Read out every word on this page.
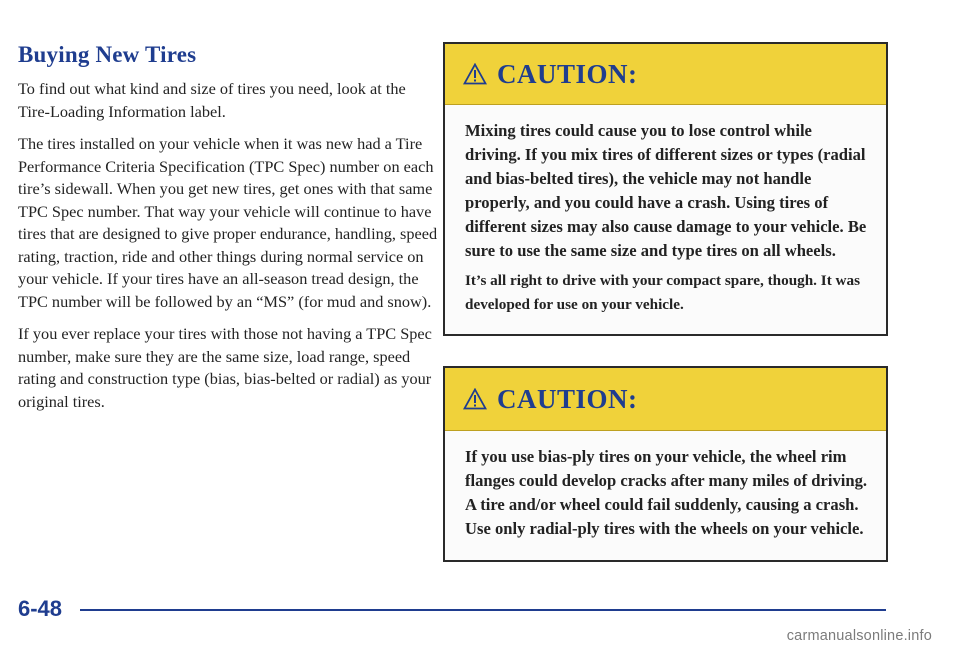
Buying New Tires

To find out what kind and size of tires you need, look at the Tire-Loading Information label.

The tires installed on your vehicle when it was new had a Tire Performance Criteria Specification (TPC Spec) number on each tire’s sidewall. When you get new tires, get ones with that same TPC Spec number. That way your vehicle will continue to have tires that are designed to give proper endurance, handling, speed rating, traction, ride and other things during normal service on your vehicle. If your tires have an all-season tread design, the TPC number will be followed by an “MS” (for mud and snow).

If you ever replace your tires with those not having a TPC Spec number, make sure they are the same size, load range, speed rating and construction type (bias, bias-belted or radial) as your original tires.

CAUTION:

Mixing tires could cause you to lose control while driving. If you mix tires of different sizes or types (radial and bias-belted tires), the vehicle may not handle properly, and you could have a crash. Using tires of different sizes may also cause damage to your vehicle. Be sure to use the same size and type tires on all wheels.

It’s all right to drive with your compact spare, though. It was developed for use on your vehicle.

CAUTION:

If you use bias-ply tires on your vehicle, the wheel rim flanges could develop cracks after many miles of driving. A tire and/or wheel could fail suddenly, causing a crash. Use only radial-ply tires with the wheels on your vehicle.

6-48
carmanualsonline.info
